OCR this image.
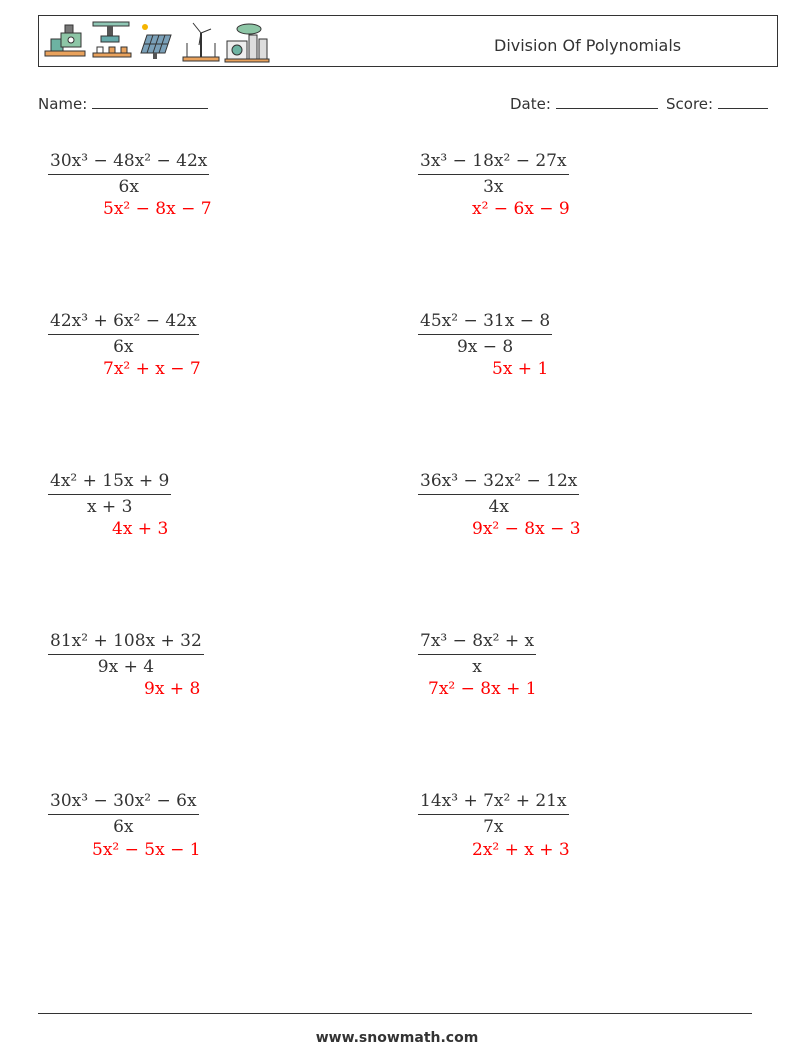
Division Of Polynomials
Name:	Date:	Score:
$\frac{\text{30x³ − 48x² − 42x}}{6x}$
5x² − 8x − 7
$\frac{\text{3x³ − 18x² − 27x}}{3x}$
x² − 6x − 9
$\frac{\text{42x³ + 6x² − 42x}}{6x}$
7x² + x − 7
$\frac{\text{45x² − 31x − 8}}{9x - 8}$
5x + 1
$\frac{\text{4x² + 15x + 9}}{x + 3}$
4x + 3
$\frac{\text{36x³ − 32x² − 12x}}{4x}$
9x² − 8x − 3
$\frac{\text{81x² + 108x + 32}}{9x + 4}$
9x + 8
$\frac{\text{7x³ − 8x² + x}}{x}$
7x² − 8x + 1
$\frac{\text{30x³ − 30x² − 6x}}{6x}$
5x² − 5x − 1
$\frac{\text{14x³ + 7x² + 21x}}{7x}$
2x² + x + 3
www.snowmath.com
